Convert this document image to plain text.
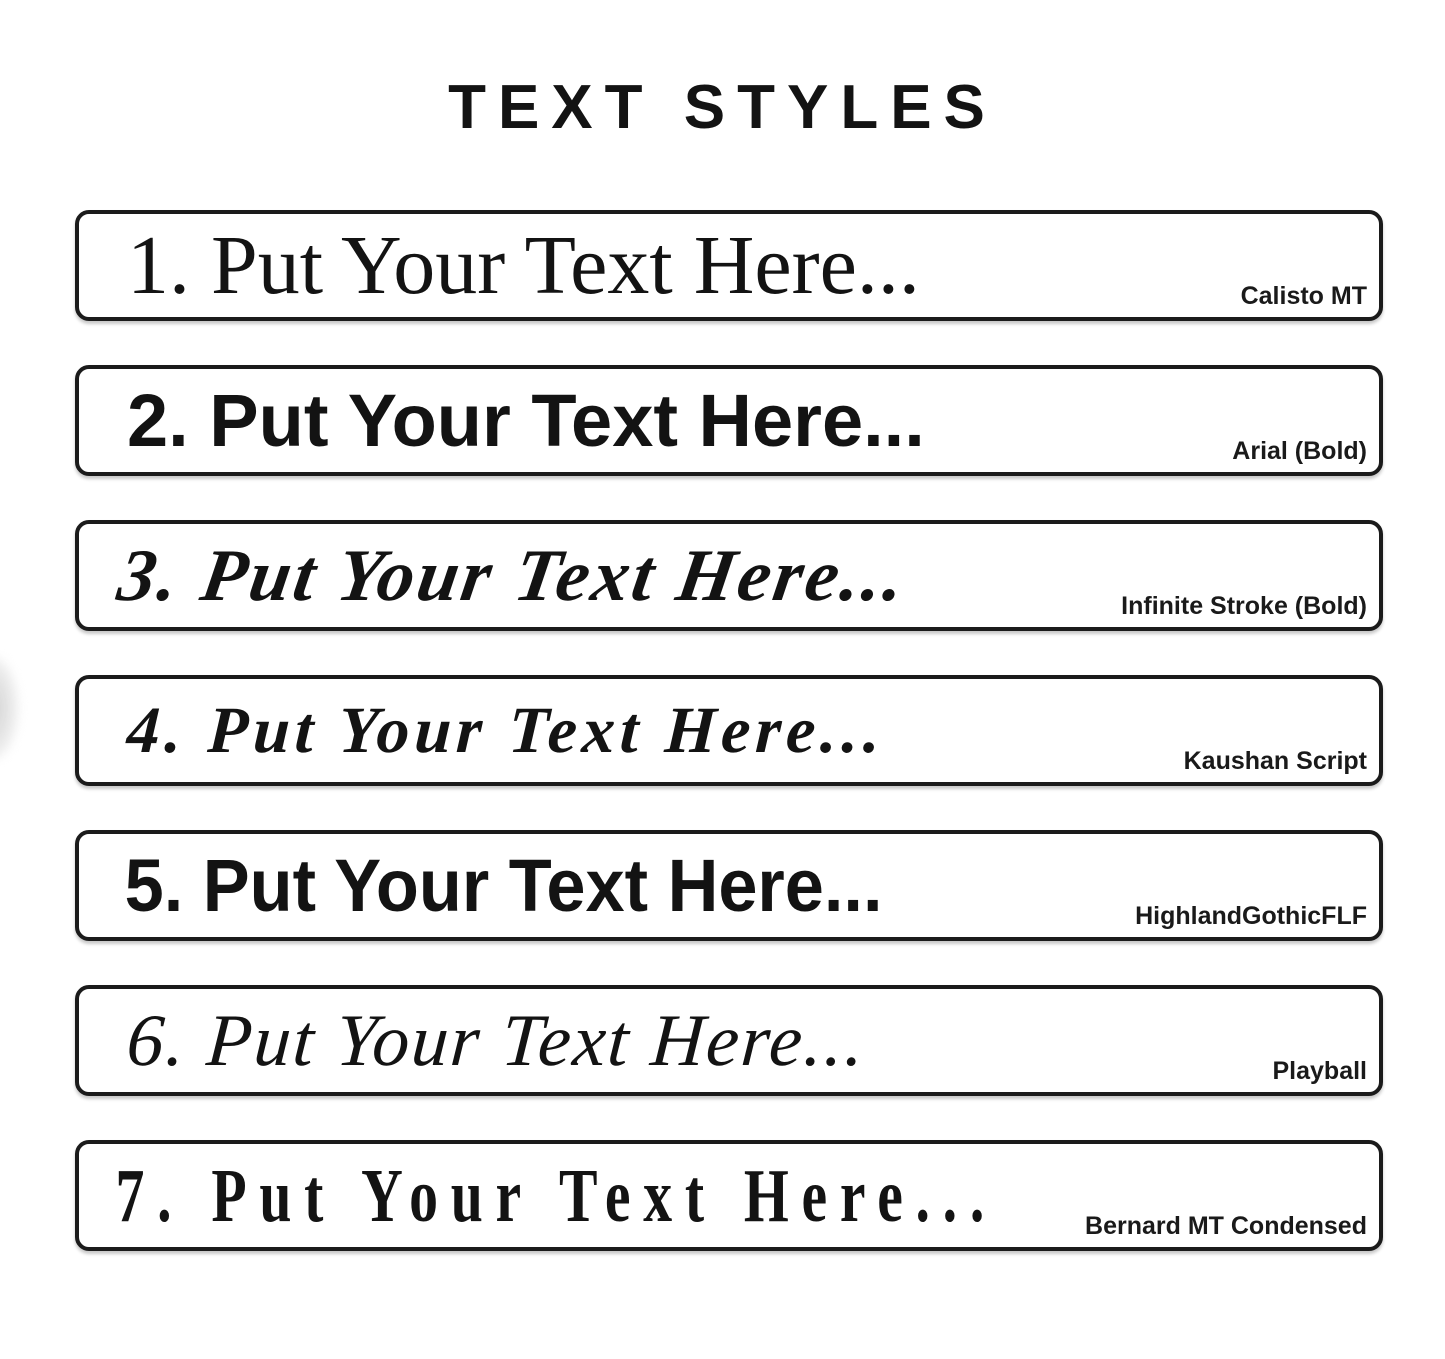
TEXT STYLES
1. Put Your Text Here...	Calisto MT
2. Put Your Text Here...	Arial (Bold)
3. Put Your Text Here...	Infinite Stroke (Bold)
4. Put Your Text Here...	Kaushan Script
5. Put Your Text Here...	HighlandGothicFLF
6. Put Your Text Here...	Playball
7. Put Your Text Here...	Bernard MT Condensed
